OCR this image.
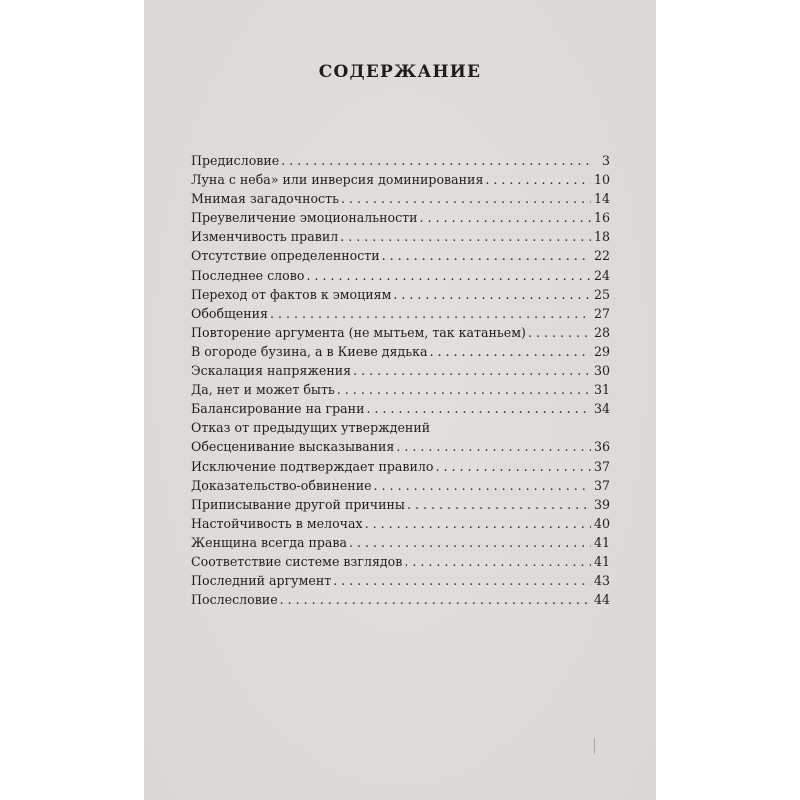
СОДЕРЖАНИЕ
Предисловие . . .	3
Луна с неба» или инверсия доминирования . . .	10
Мнимая загадочность . . .	14
Преувеличение эмоциональности . . .	16
Изменчивость правил . . .	18
Отсутствие определенности . . .	22
Последнее слово . . .	24
Переход от фактов к эмоциям . . .	25
Обобщения . . .	27
Повторение аргумента (не мытьем, так катаньем) . . .	28
В огороде бузина, а в Киеве дядька . . .	29
Эскалация напряжения . . .	30
Да, нет и может быть . . .	31
Балансирование на грани . . .	34
Отказ от предыдущих утверждений
Обесценивание высказывания . . .	36
Исключение подтверждает правило . . .	37
Доказательство-обвинение . . .	37
Приписывание другой причины . . .	39
Настойчивость в мелочах . . .	40
Женщина всегда права . . .	41
Соответствие системе взглядов . . .	41
Последний аргумент . . .	43
Послесловие . . .	44
